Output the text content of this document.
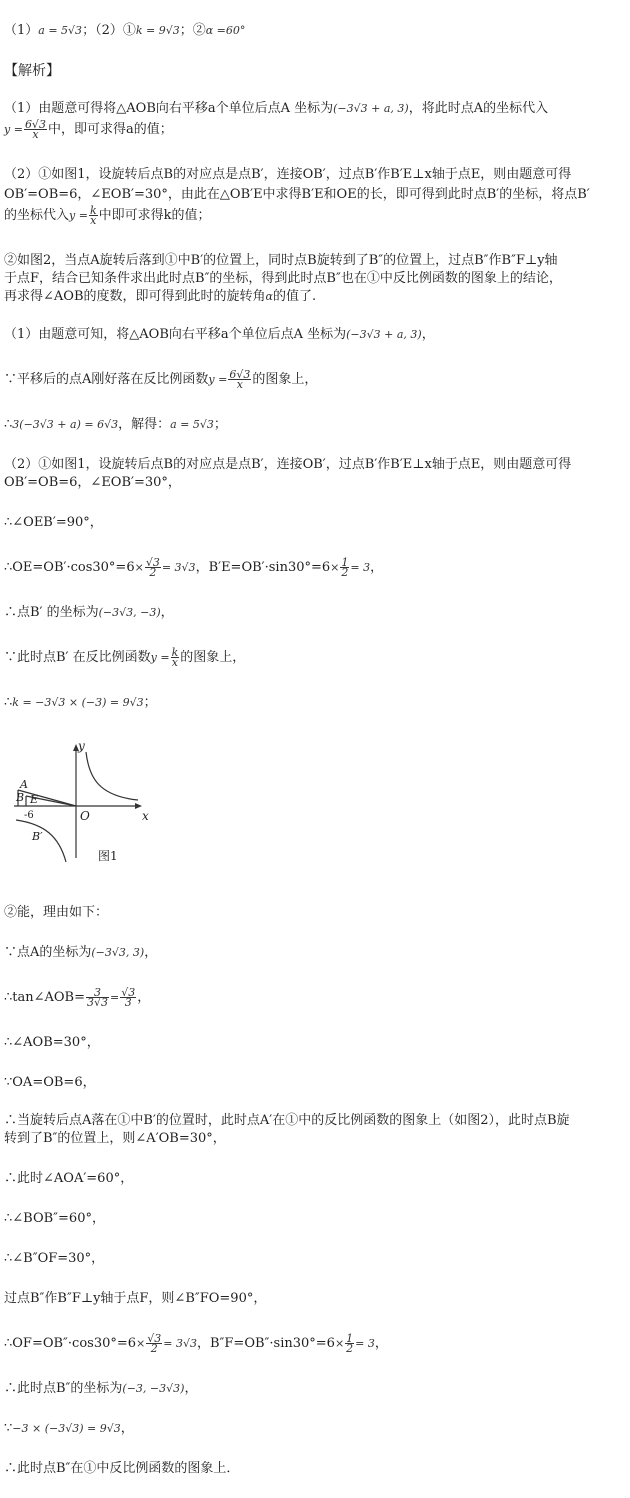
（1）a = 5√3；（2）①k = 9√3；②α =60°
【解析】
（1）由题意可得将△AOB向右平移a个单位后点A 坐标为(−3√3 + a, 3)，将此时点A的坐标代入
$y = \frac{6√3}{x}$ 中，即可求得a的值；
（2）①如图1，设旋转后点B的对应点是点B′，连接OB′，过点B′作B′E⊥x轴于点E，则由题意可得
OB′=OB=6，∠EOB′=30°，由此在△OB′E中求得B′E和OE的长，即可得到此时点B′的坐标，将点B′
的坐标代入$y = \frac{k}{x}$ 中即可求得k的值；
②如图2，当点A旋转后落到①中B′的位置上，同时点B旋转到了B″的位置上，过点B″作B″F⊥y轴
于点F，结合已知条件求出此时点B″的坐标，得到此时点B″也在①中反比例函数的图象上的结论，
再求得∠AOB的度数，即可得到此时的旋转角α的值了.
（1）由题意可知，将△AOB向右平移a个单位后点A 坐标为(−3√3 + a, 3)，
∵平移后的点A刚好落在反比例函数$y = \frac{6√3}{x}$ 的图象上，
∴3(−3√3 + a) = 6√3，解得：a = 5√3；
（2）①如图1，设旋转后点B的对应点是点B′，连接OB′，过点B′作B′E⊥x轴于点E，则由题意可得
OB′=OB=6，∠EOB′=30°，
∴∠OEB′=90°，
∴OE=OB′·cos30°=6× $\frac{√3}{2} = 3√3$，$B'E=OB'\cdot\sin 30^\circ=6\times \frac{1}{2} = 3$，
∴点B′ 的坐标为(−3√3, −3)，
∵此时点B′ 在反比例函数$y = \frac{k}{x}$ 的图象上，
∴k = −3√3 × (−3) = 9√3；
y
x
O
A
B E
B′
-6
图1
②能，理由如下：
∵点A的坐标为(−3√3, 3)，
∴tan∠AOB= $\frac{3}{3√3} = \frac{√3}{3}$ ，
∴∠AOB=30°，
∵OA=OB=6，
∴当旋转后点A落在①中B′的位置时，此时点A′在①中的反比例函数的图象上（如图2），此时点B旋
转到了B″的位置上，则∠A′OB=30°，
∴此时∠AOA′=60°，
∴∠BOB″=60°，
∴∠B″OF=30°，
过点B″作B″F⊥y轴于点F，则∠B″FO=90°，
∴OF=OB″·cos30°=6× $\frac{√3}{2} = 3√3$，$B''F=OB''\cdot\sin 30^\circ=6\times \frac{1}{2} = 3$，
∴此时点B″的坐标为(−3, −3√3)，
∵−3 × (−3√3) = 9√3，
∴此时点B″在①中反比例函数的图象上．
